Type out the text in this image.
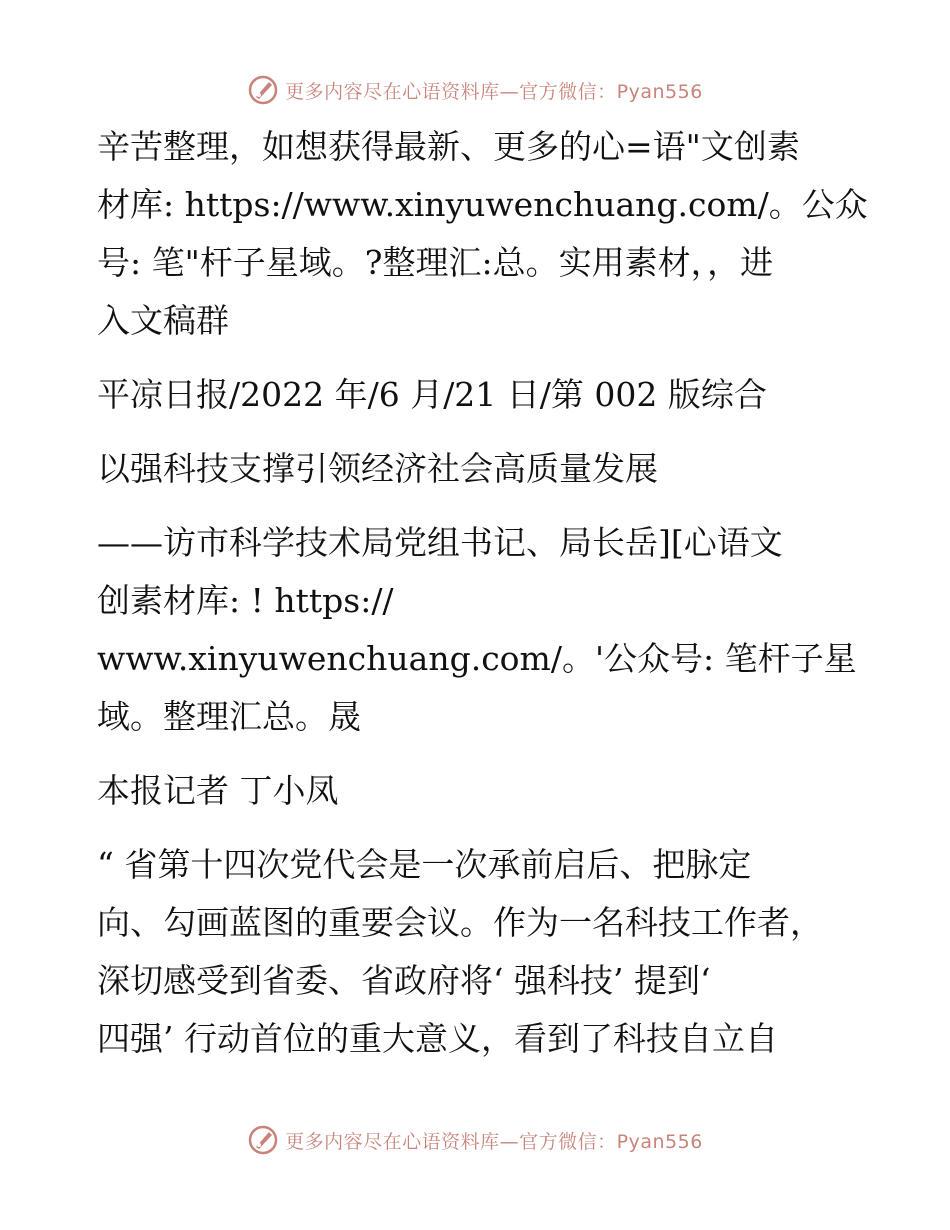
更多内容尽在心语资料库—官方微信：Pyan556
辛苦整理，如想获得最新、更多的心=语"文创素
材库: https://www.xinyuwenchuang.com/。公众
号: 笔"杆子星域。?整理汇:总。实用素材，，进
入文稿群
平凉日报/2022 年/6 月/21 日/第 002 版综合
以强科技支撑引领经济社会高质量发展
——访市科学技术局党组书记、局长岳][心语文
创素材库: ! https://
www.xinyuwenchuang.com/。'公众号: 笔杆子星
域。整理汇总。晟
本报记者 丁小凤
“ 省第十四次党代会是一次承前启后、把脉定
向、勾画蓝图的重要会议。作为一名科技工作者，
深切感受到省委、省政府将‘ 强科技’ 提到‘
四强’ 行动首位的重大意义，看到了科技自立自
更多内容尽在心语资料库—官方微信：Pyan556
